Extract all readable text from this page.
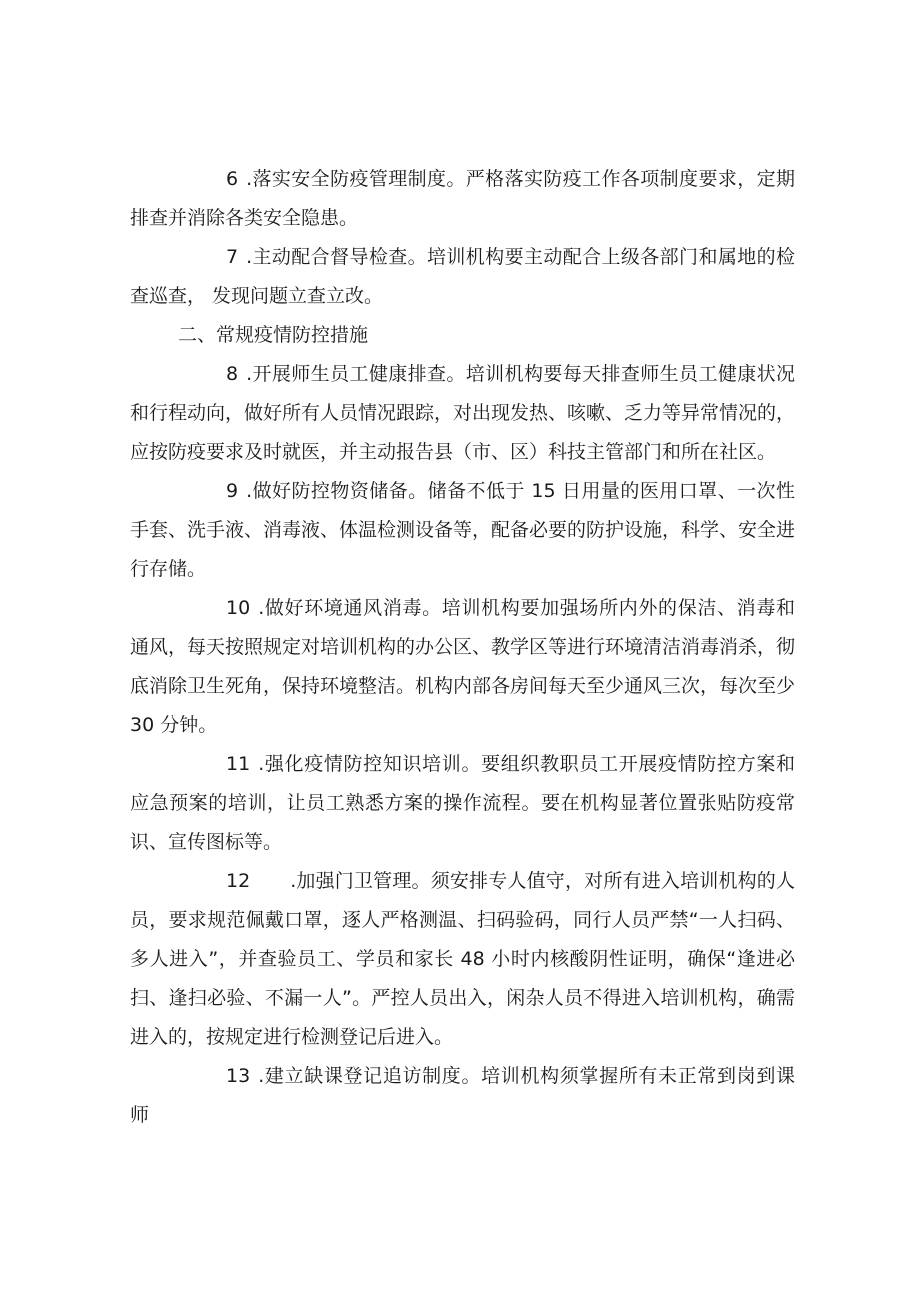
6 .落实安全防疫管理制度。严格落实防疫工作各项制度要求，定期排查并消除各类安全隐患。

7 .主动配合督导检查。培训机构要主动配合上级各部门和属地的检查巡查， 发现问题立查立改。

二、常规疫情防控措施

8 .开展师生员工健康排查。培训机构要每天排查师生员工健康状况和行程动向，做好所有人员情况跟踪，对出现发热、咳嗽、乏力等异常情况的，应按防疫要求及时就医，并主动报告县（市、区）科技主管部门和所在社区。

9 .做好防控物资储备。储备不低于 15 日用量的医用口罩、一次性手套、洗手液、消毒液、体温检测设备等，配备必要的防护设施，科学、安全进行存储。

10 .做好环境通风消毒。培训机构要加强场所内外的保洁、消毒和通风，每天按照规定对培训机构的办公区、教学区等进行环境清洁消毒消杀，彻底消除卫生死角，保持环境整洁。机构内部各房间每天至少通风三次，每次至少 30 分钟。

11 .强化疫情防控知识培训。要组织教职员工开展疫情防控方案和应急预案的培训，让员工熟悉方案的操作流程。要在机构显著位置张贴防疫常识、宣传图标等。

12 .加强门卫管理。须安排专人值守，对所有进入培训机构的人员，要求规范佩戴口罩，逐人严格测温、扫码验码，同行人员严禁“一人扫码、多人进入”，并查验员工、学员和家长 48 小时内核酸阴性证明，确保“逢进必扫、逢扫必验、不漏一人”。严控人员出入，闲杂人员不得进入培训机构，确需进入的，按规定进行检测登记后进入。

13 .建立缺课登记追访制度。培训机构须掌握所有未正常到岗到课师
